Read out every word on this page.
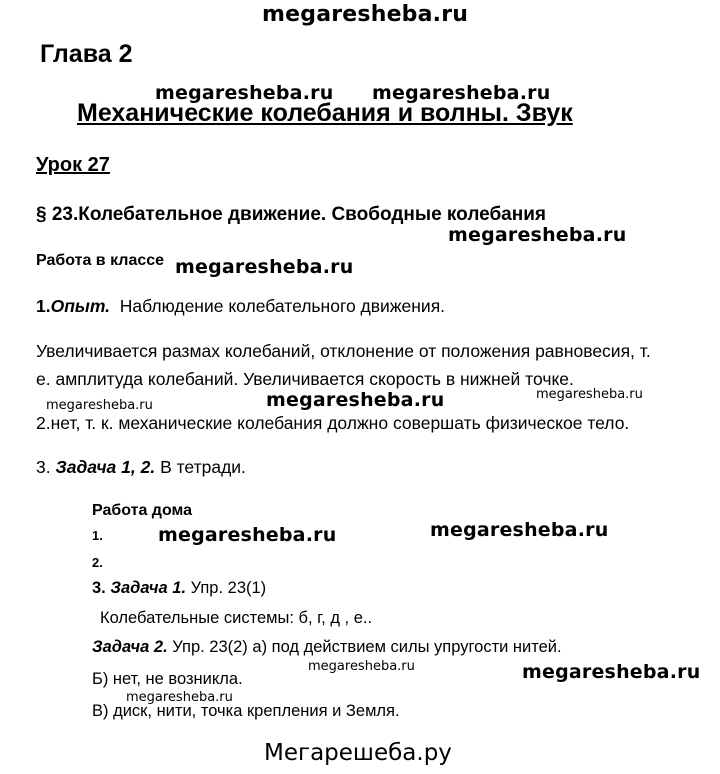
megaresheba.ru
Глава 2
megaresheba.ru megaresheba.ru
Механические колебания и волны. Звук
Урок 27
§ 23.Колебательное движение. Свободные колебания
megaresheba.ru
Работа в классе megaresheba.ru
1.Опыт. Наблюдение колебательного движения.
Увеличивается размах колебаний, отклонение от положения равновесия, т.
е. амплитуда колебаний. Увеличивается скорость в нижней точке.
megaresheba.ru	megaresheba.ru	megaresheba.ru
2.нет, т. к. механические колебания должно совершать физическое тело.
3. Задача 1, 2. В тетради.
Работа дома
1.	megaresheba.ru	megaresheba.ru
2.
3. Задача 1. Упр. 23(1)
Колебательные системы: б, г, д , е..
Задача 2. Упр. 23(2) а) под действием силы упругости нитей.
megaresheba.ru	megaresheba.ru
Б) нет, не возникла.
megaresheba.ru
В) диск, нити, точка крепления и Земля.
Мегарешеба.ру
